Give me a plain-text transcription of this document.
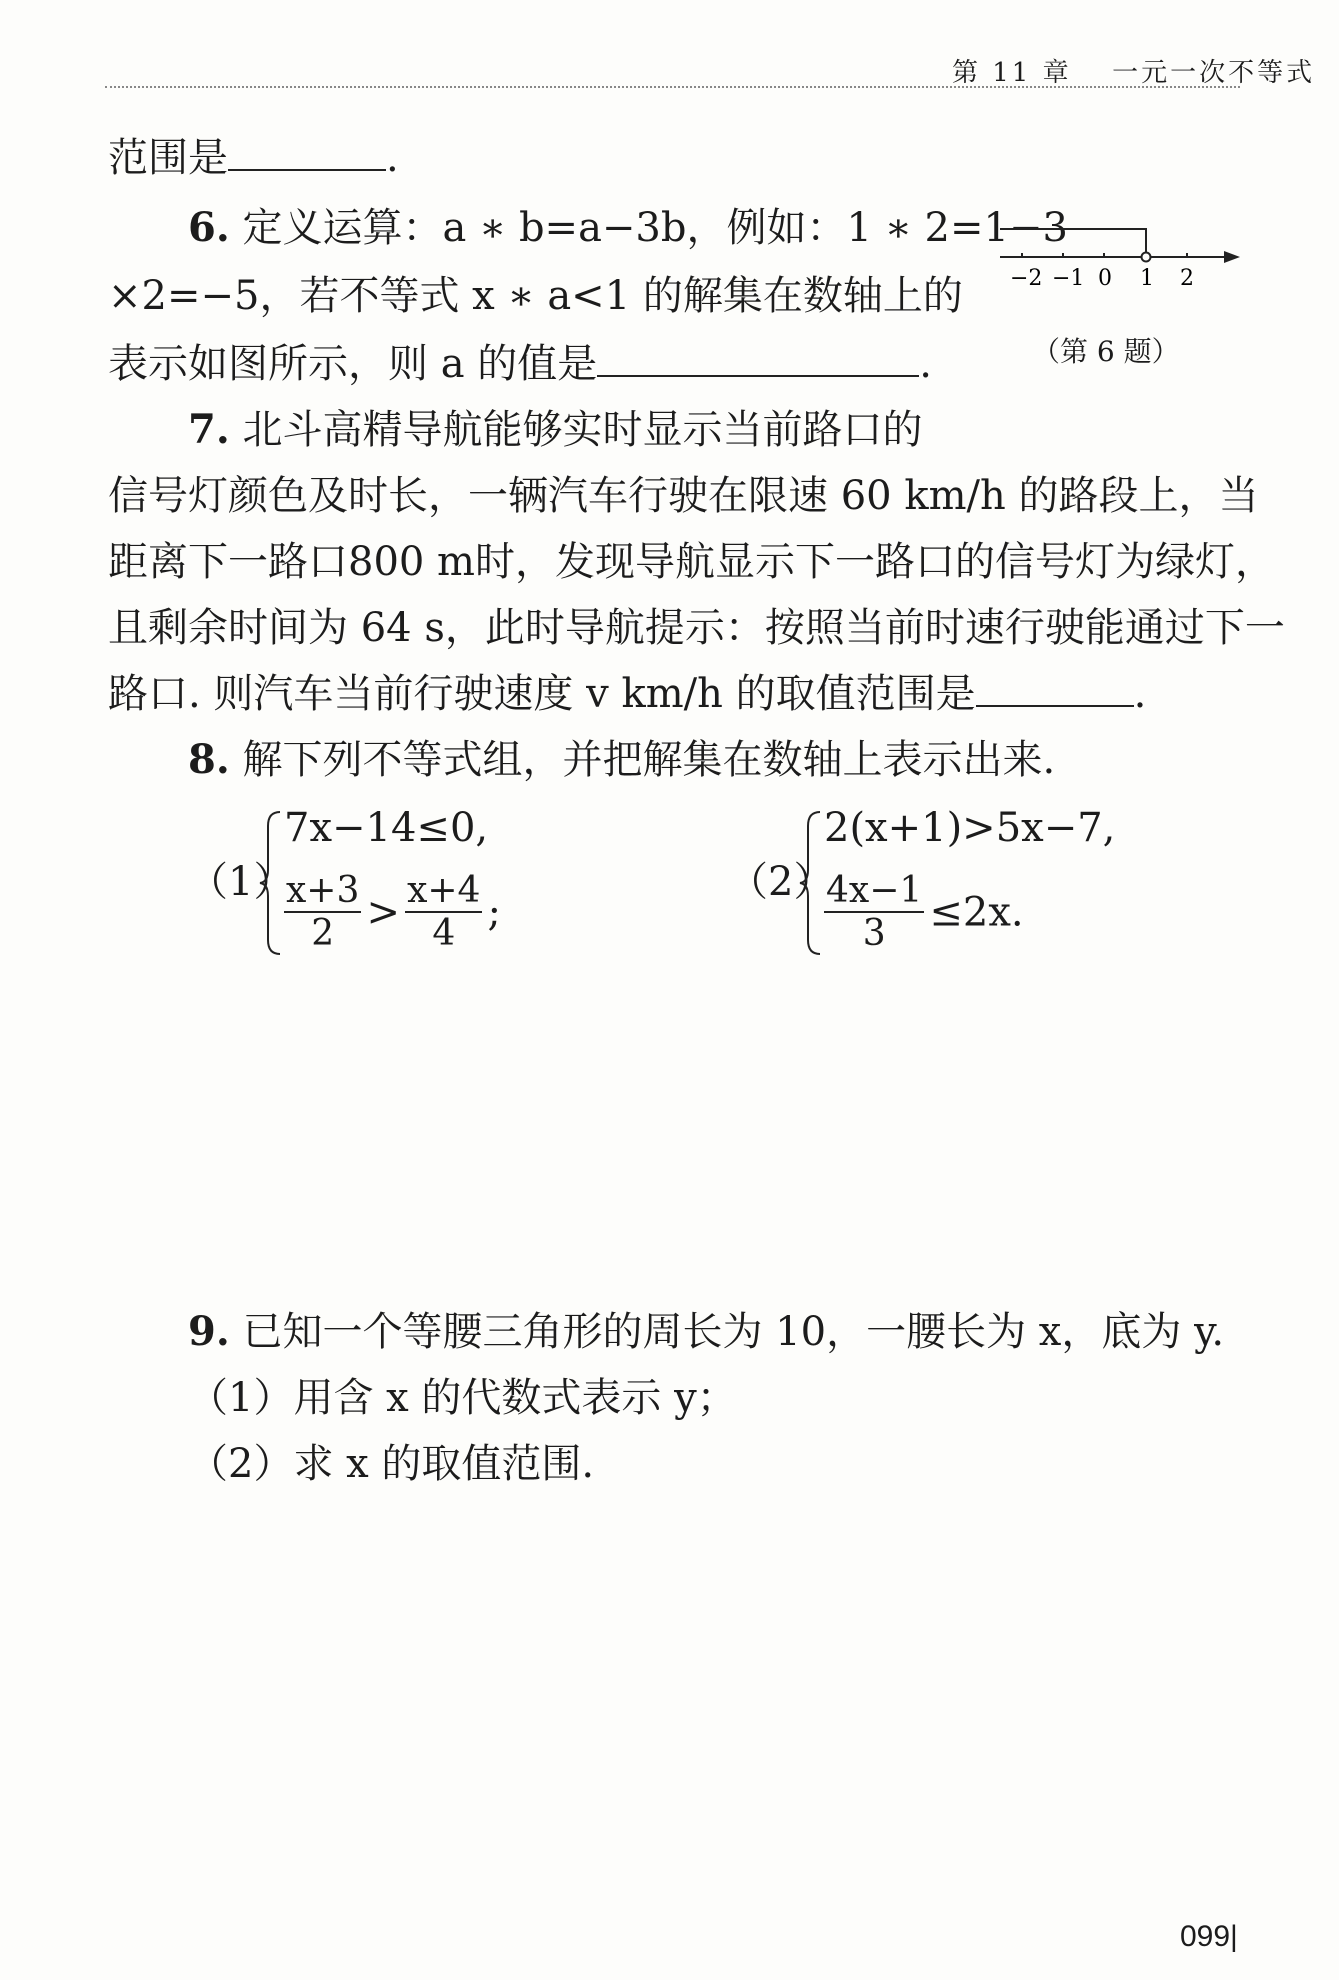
第 11 章 一元一次不等式
范围是	.
6. 定义运算：a ∗ b=a−3b，例如：1 ∗ 2=1−3
×2=−5，若不等式 x ∗ a<1 的解集在数轴上的
表示如图所示，则 a 的值是	.
−2 −1 0 1 2
（第 6 题）
7. 北斗高精导航能够实时显示当前路口的
信号灯颜色及时长，一辆汽车行驶在限速 60 km/h 的路段上，当
距离下一路口800 m时，发现导航显示下一路口的信号灯为绿灯，
且剩余时间为 64 s，此时导航提示：按照当前时速行驶能通过下一
路口. 则汽车当前行驶速度 v km/h 的取值范围是	.
8. 解下列不等式组，并把解集在数轴上表示出来.
（1）
7x−14≤0,
$\frac{x+3}{2} > \frac{x+4}{4}$ ;
（2）
2(x+1)>5x−7,
$\frac{4x-1}{3} \le 2x$.
9. 已知一个等腰三角形的周长为 10，一腰长为 x，底为 y.
（1）用含 x 的代数式表示 y；
（2）求 x 的取值范围.
099|
